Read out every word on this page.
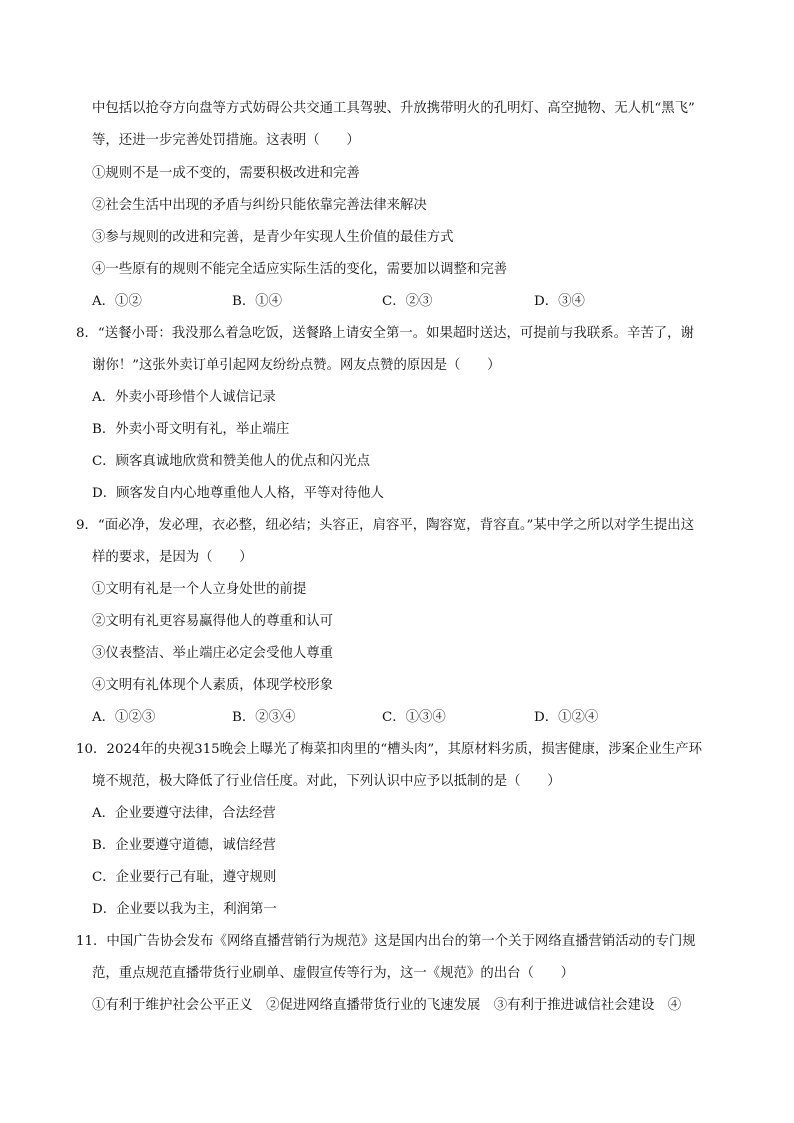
中包括以抢夺方向盘等方式妨碍公共交通工具驾驶、升放携带明火的孔明灯、高空抛物、无人机“黑飞”
等，还进一步完善处罚措施。这表明（　　）
①规则不是一成不变的，需要积极改进和完善
②社会生活中出现的矛盾与纠纷只能依靠完善法律来解决
③参与规则的改进和完善，是青少年实现人生价值的最佳方式
④一些原有的规则不能完全适应实际生活的变化，需要加以调整和完善
A．①②	B．①④	C．②③	D．③④
8．“送餐小哥：我没那么着急吃饭，送餐路上请安全第一。如果超时送达，可提前与我联系。辛苦了，谢
谢你！”这张外卖订单引起网友纷纷点赞。网友点赞的原因是（　　）
A．外卖小哥珍惜个人诚信记录
B．外卖小哥文明有礼，举止端庄
C．顾客真诚地欣赏和赞美他人的优点和闪光点
D．顾客发自内心地尊重他人人格，平等对待他人
9．“面必净，发必理，衣必整，纽必结；头容正，肩容平，陶容宽，背容直。”某中学之所以对学生提出这
样的要求，是因为（　　）
①文明有礼是一个人立身处世的前提
②文明有礼更容易赢得他人的尊重和认可
③仪表整洁、举止端庄必定会受他人尊重
④文明有礼体现个人素质，体现学校形象
A．①②③	B．②③④	C．①③④	D．①②④
10．2024年的央视315晚会上曝光了梅菜扣肉里的“槽头肉”，其原材料劣质，损害健康，涉案企业生产环
境不规范，极大降低了行业信任度。对此，下列认识中应予以抵制的是（　　）
A．企业要遵守法律，合法经营
B．企业要遵守道德，诚信经营
C．企业要行己有耻，遵守规则
D．企业要以我为主，利润第一
11．中国广告协会发布《网络直播营销行为规范》这是国内出台的第一个关于网络直播营销活动的专门规
范，重点规范直播带货行业刷单、虚假宣传等行为，这一《规范》的出台（　　）
①有利于维护社会公平正义　②促进网络直播带货行业的飞速发展　③有利于推进诚信社会建设　④
